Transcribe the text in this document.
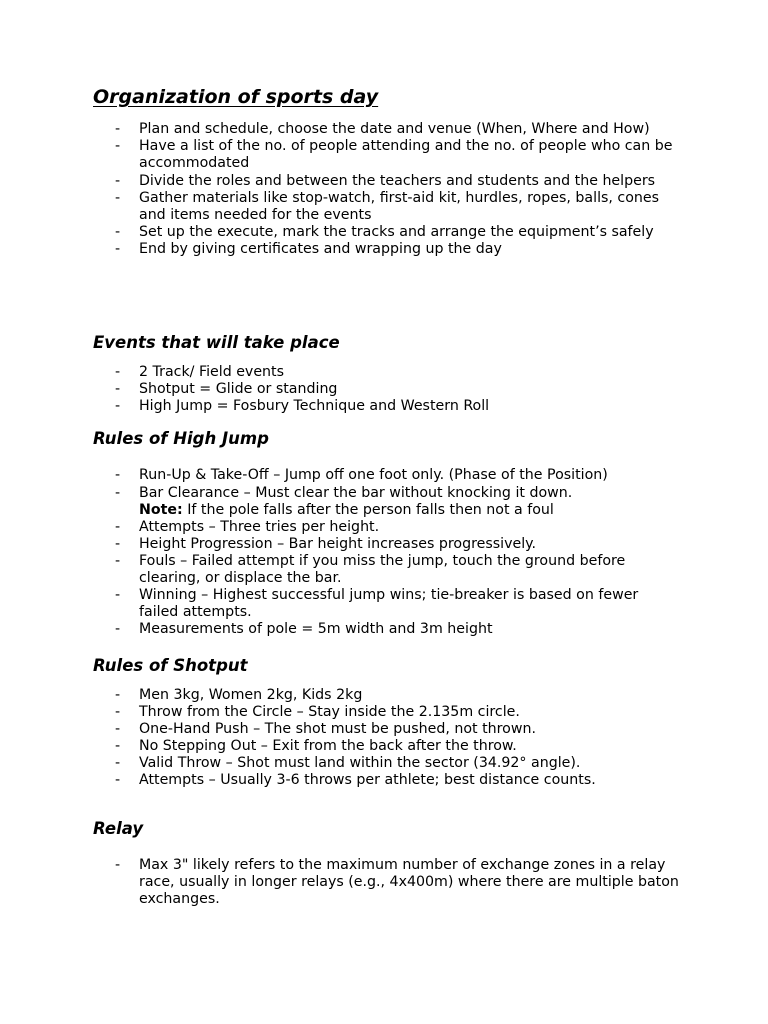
Organization of sports day
- Plan and schedule, choose the date and venue (When, Where and How)
- Have a list of the no. of people attending and the no. of people who can be accommodated
- Divide the roles and between the teachers and students and the helpers
- Gather materials like stop-watch, first-aid kit, hurdles, ropes, balls, cones and items needed for the events
- Set up the execute, mark the tracks and arrange the equipment’s safely
- End by giving certificates and wrapping up the day
Events that will take place
- 2 Track/ Field events
- Shotput = Glide or standing
- High Jump = Fosbury Technique and Western Roll
Rules of High Jump
- Run-Up & Take-Off – Jump off one foot only. (Phase of the Position)
- Bar Clearance – Must clear the bar without knocking it down.
Note: If the pole falls after the person falls then not a foul
- Attempts – Three tries per height.
- Height Progression – Bar height increases progressively.
- Fouls – Failed attempt if you miss the jump, touch the ground before clearing, or displace the bar.
- Winning – Highest successful jump wins; tie-breaker is based on fewer failed attempts.
- Measurements of pole = 5m width and 3m height
Rules of Shotput
- Men 3kg, Women 2kg, Kids 2kg
- Throw from the Circle – Stay inside the 2.135m circle.
- One-Hand Push – The shot must be pushed, not thrown.
- No Stepping Out – Exit from the back after the throw.
- Valid Throw – Shot must land within the sector (34.92° angle).
- Attempts – Usually 3-6 throws per athlete; best distance counts.
Relay
- Max 3" likely refers to the maximum number of exchange zones in a relay race, usually in longer relays (e.g., 4x400m) where there are multiple baton exchanges.
